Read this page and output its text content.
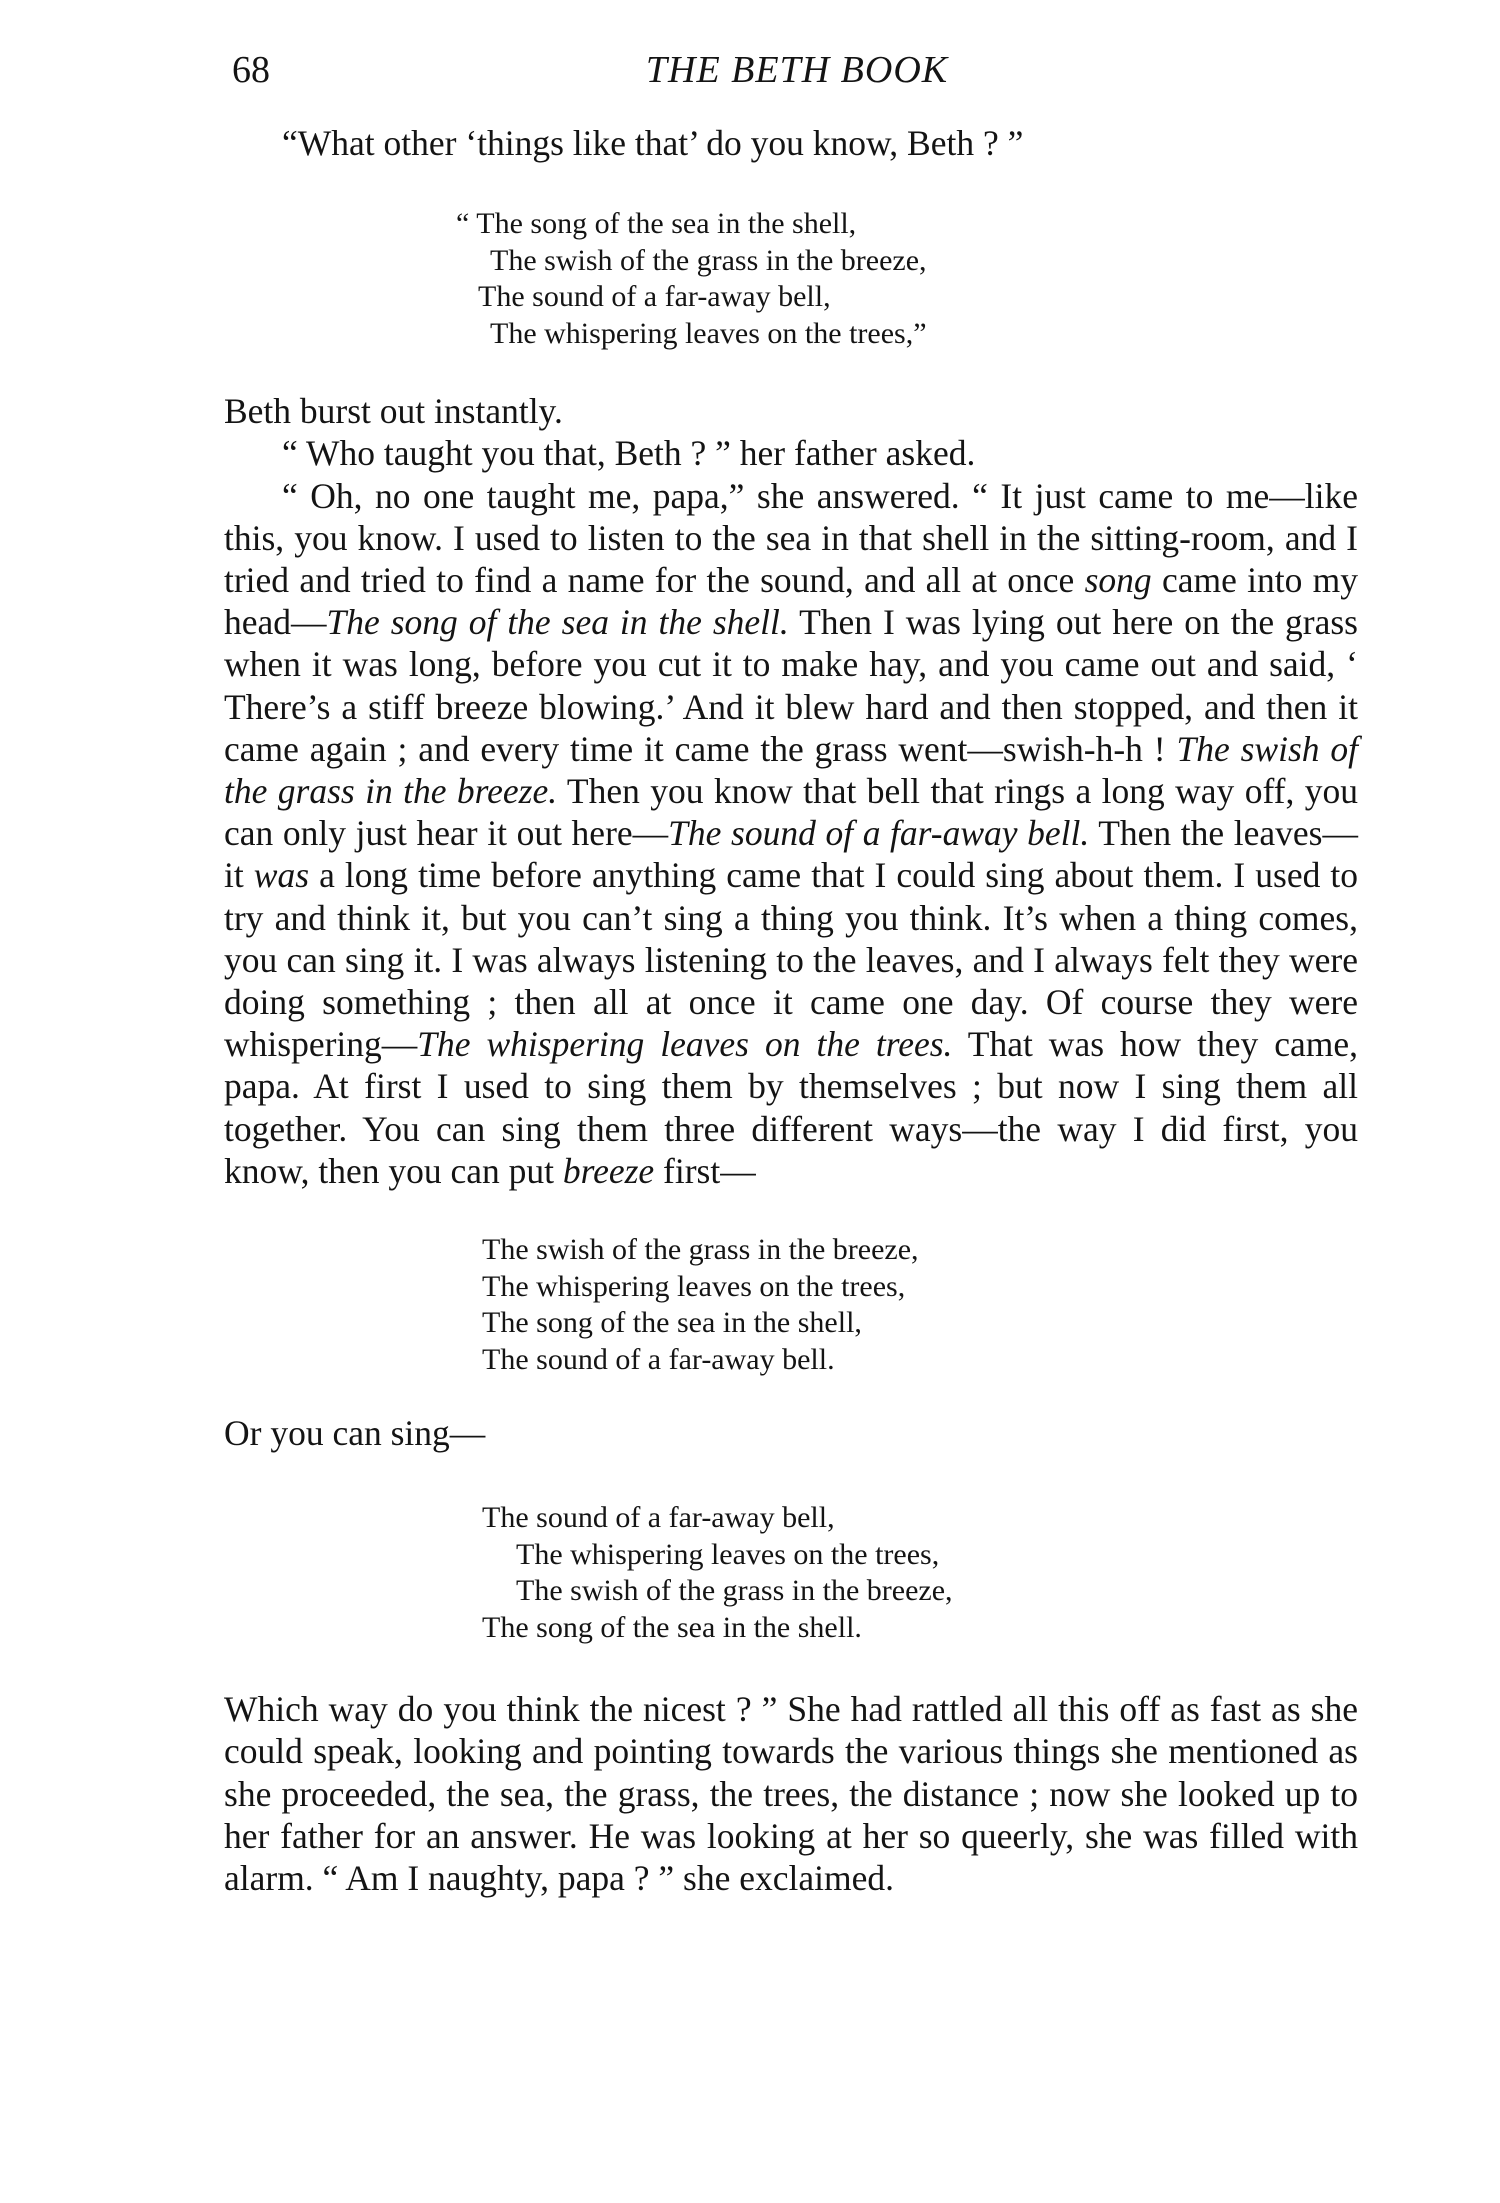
68	THE BETH BOOK

“What other ‘things like that’ do you know, Beth ? ”

“ The song of the sea in the shell,
The swish of the grass in the breeze,
The sound of a far-away bell,
The whispering leaves on the trees,”

Beth burst out instantly.

“ Who taught you that, Beth ? ” her father asked.

“ Oh, no one taught me, papa,” she answered. “ It just came to me—like this, you know. I used to listen to the sea in that shell in the sitting-room, and I tried and tried to find a name for the sound, and all at once song came into my head—The song of the sea in the shell. Then I was lying out here on the grass when it was long, before you cut it to make hay, and you came out and said, ‘ There’s a stiff breeze blowing.’ And it blew hard and then stopped, and then it came again ; and every time it came the grass went—swish-h-h ! The swish of the grass in the breeze. Then you know that bell that rings a long way off, you can only just hear it out here—The sound of a far-away bell. Then the leaves—it was a long time before anything came that I could sing about them. I used to try and think it, but you can’t sing a thing you think. It’s when a thing comes, you can sing it. I was always listening to the leaves, and I always felt they were doing something ; then all at once it came one day. Of course they were whispering—The whispering leaves on the trees. That was how they came, papa. At first I used to sing them by themselves ; but now I sing them all together. You can sing them three different ways—the way I did first, you know, then you can put breeze first—

The swish of the grass in the breeze,
The whispering leaves on the trees,
The song of the sea in the shell,
The sound of a far-away bell.

Or you can sing—

The sound of a far-away bell,
The whispering leaves on the trees,
The swish of the grass in the breeze,
The song of the sea in the shell.

Which way do you think the nicest ? ” She had rattled all this off as fast as she could speak, looking and pointing towards the various things she mentioned as she proceeded, the sea, the grass, the trees, the distance ; now she looked up to her father for an answer. He was looking at her so queerly, she was filled with alarm. “ Am I naughty, papa ? ” she exclaimed.
